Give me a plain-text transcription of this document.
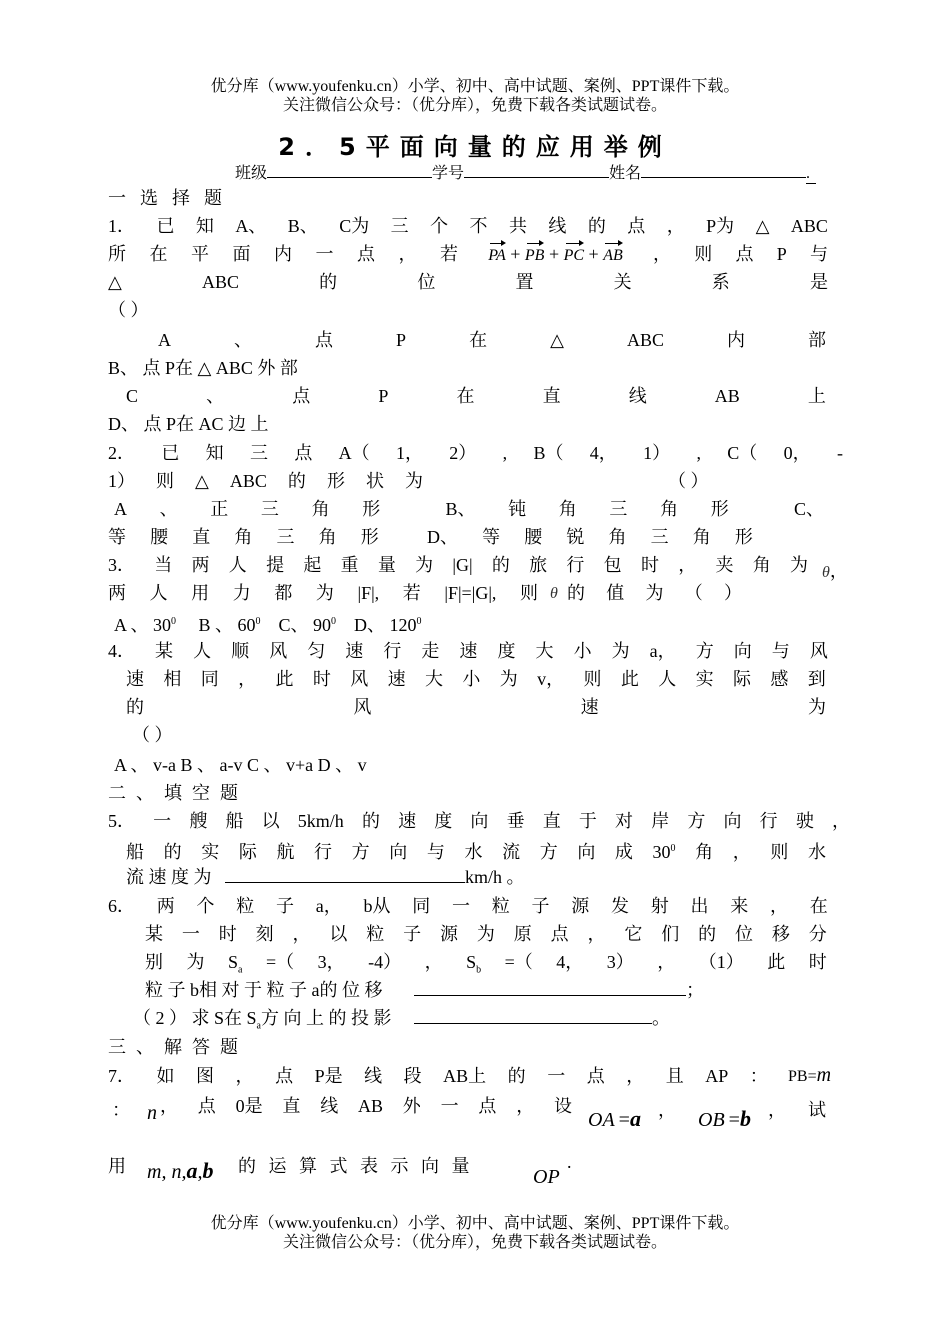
优分库（www.youfenku.cn）小学、初中、高中试题、案例、PPT课件下载。
关注微信公众号：（优分库），免费下载各类试题试卷。
2．5平面向量的应用举例
班级	学号	姓名	.
一选择题
1． 已 知 A、 B、 C为 三 个 不 共 线 的 点 ， P为 △ ABC
所 在 平 面 内 一 点 ， 若 PA + PB + PC + AB ， 则 点 P 与
△	ABC	的	位	置	关	系	是
（ ）
A	、	点	P	在	△	ABC	内	部
B、 点 P在 △ ABC 外 部
C	、	点	P	在	直	线	AB	上
D、 点 P在 AC 边 上
2． 已 知 三 点 A（ 1， 2） , B（ 4， 1） , C（ 0， -
1） 则 △ ABC 的 形 状 为	（ ）
A 、 正 三 角 形	B、 钝 角 三 角 形	C、
等 腰 直 角 三 角 形	D、 等 腰 锐 角 三 角 形
3． 当 两 人 提 起 重 量 为 |G| 的 旅 行 包 时 ， 夹 角 为 θ，
两 人 用 力 都 为 |F|, 若 |F|=|G|, 则 θ 的 值 为 （ ）
A 、 $30^0$ B 、 $60^0$ C、 $90^0$ D、 $120^0$
4． 某 人 顺 风 匀 速 行 走 速 度 大 小 为 a， 方 向 与 风
速 相 同 ， 此 时 风 速 大 小 为 v， 则 此 人 实 际 感 到
的	风	速	为
（ ）
A 、 v-a B 、 a-v C 、 v+a D 、 v
二、填空题
5． 一 艘 船 以 5km/h 的 速 度 向 垂 直 于 对 岸 方 向 行 驶 ，
船 的 实 际 航 行 方 向 与 水 流 方 向 成 $30^0$ 角 ， 则 水
流 速 度 为	km/h 。
6． 两 个 粒 子 a， b从 同 一 粒 子 源 发 射 出 来 ， 在
某 一 时 刻 ， 以 粒 子 源 为 原 点 ， 它 们 的 位 移 分
别 为 $S_a$ =（ 3， -4） ， $S_b$ =（ 4， 3） ， （1） 此 时
粒 子 b相 对 于 粒 子 a的 位 移	；
（ 2 ） 求 S在 $S_a$方 向 上 的 投 影	。
三、解答题
7． 如 图 ， 点 P是 线 段 AB上 的 一 点 ， 且 AP ： PB=m
： n ， 点 0是 直 线 AB 外 一 点 ， 设
OA =a ， OB =b ， 试
用 m, n,a,b 的 运 算 式 表 示 向 量	OP
.
优分库（www.youfenku.cn）小学、初中、高中试题、案例、PPT课件下载。
关注微信公众号：（优分库），免费下载各类试题试卷。
